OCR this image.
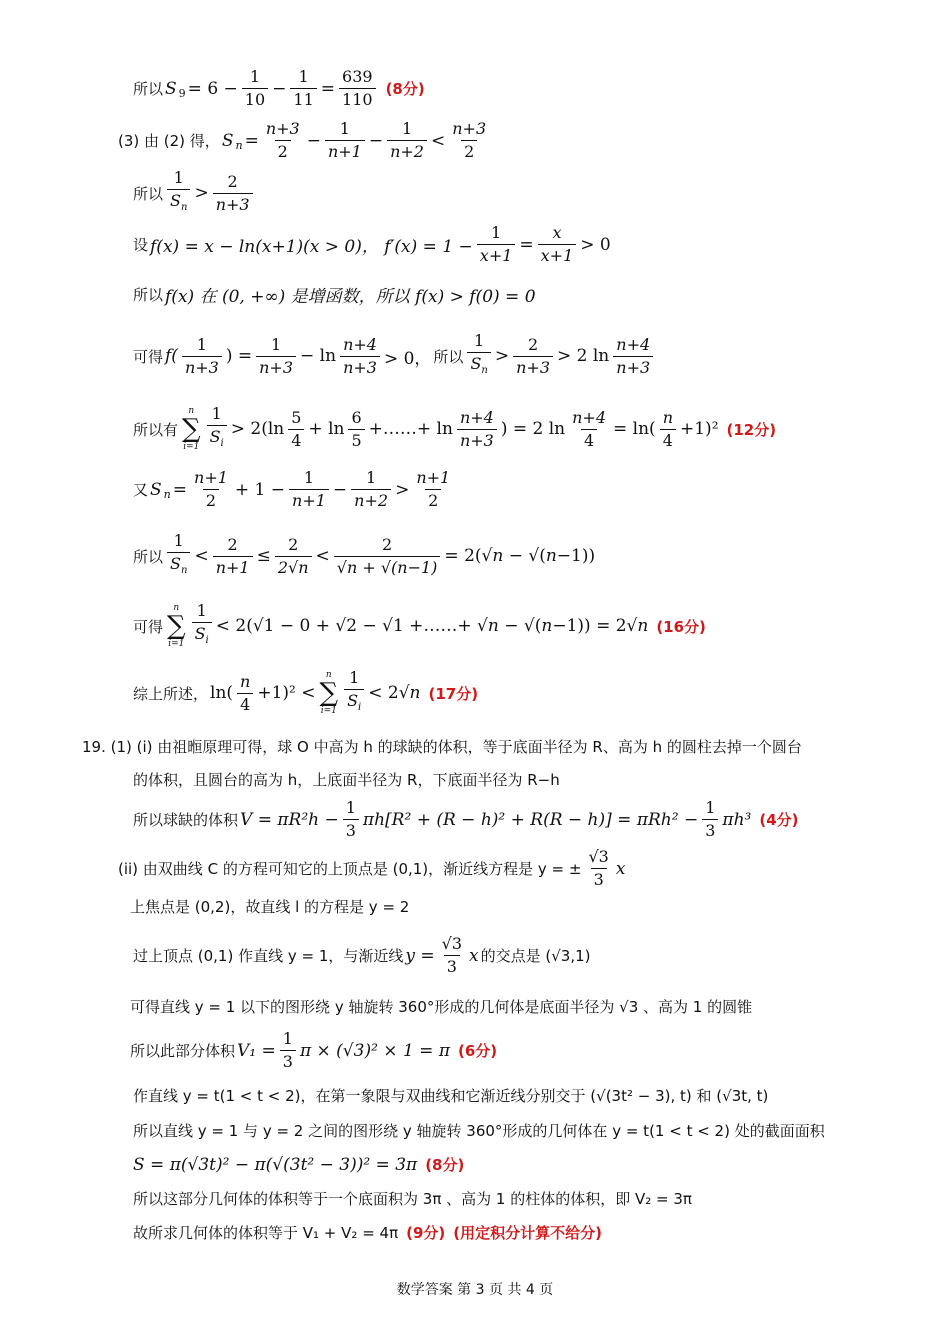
所以 S $9 = 6 - \frac{1}{10} - \frac{1}{11} = \frac{639}{110} (8$分)
(3) 由 (2) 得， S $n = \frac{n+3}{2} - \frac{1}{n+1} - \frac{1}{n+2} < \frac{n+3}{2}$
所以 $\frac{1}{S_n} > \frac{2}{n+3}$
设 f(x) = x − ln(x+1)(x > 0)， $f'(x) = 1 - \frac{1}{x+1} = \frac{x}{x+1} > 0$
所以 f(x) 在 (0, +∞) 是增函数，所以 f(x) > f(0) = 0
可得 $f( \frac{1}{n+3}$ ) = $\frac{1}{n+3} - \ln \frac{n+4}{n+3} > 0$， 所以 $\frac{1}{S_n} > \frac{2}{n+3} > 2$ $\ln \frac{n+4}{n+3}$
所以有
n
∑
$i=1 \frac{1}{S_i} > 2(\ln \frac{5}{4} + \ln \frac{6}{5}$ +……+ $\ln \frac{n+4}{n+3}$ ) = 2 $\ln \frac{n+4}{4} = \ln( \frac{n}{4} +1)^2$ (12分)
又 S $n = \frac{n+1}{2} + 1 - \frac{1}{n+1} - \frac{1}{n+2} > \frac{n+1}{2}$
所以 $\frac{1}{S_n} < \frac{2}{n+1} \le \frac{2}{2√n} < \frac{2}{√n + √(n-1)} = 2(√n - √(n-1))$
可得
n
∑
$i=1 \frac{1}{S_i} < 2(√1 - 0 + √2 - √1$ +……+ √n − √(n−1)) = 2√n (16分)
综上所述， $\ln( \frac{n}{4} +1)^2$ <
n
∑
$i=1 \frac{1}{S_i} < 2√n$ (17分)
19. (1) (i) 由祖暅原理可得，球 O 中高为 h 的球缺的体积，等于底面半径为 R、高为 h 的圆柱去掉一个圆台
的体积，且圆台的高为 h，上底面半径为 R，下底面半径为 R−h
所以球缺的体积 $V = \pi R^2h - \frac{1}{3} \pi h[R^2 + (R - h)^2 + R(R - h)] = \pi Rh^2 - \frac{1}{3} \pi h^3$ (4分)
(ii) 由双曲线 C 的方程可知它的上顶点是 (0,1)，渐近线方程是 y = ± $\frac{√3}{3}$ x
上焦点是 (0,2)，故直线 l 的方程是 y = 2
过上顶点 (0,1) 作直线 y = 1，与渐近线 $y = \frac{√3}{3}$ x 的交点是 (√3,1)
可得直线 y = 1 以下的图形绕 y 轴旋转 360°形成的几何体是底面半径为 √3 、高为 1 的圆锥
所以此部分体积 $V_1 = \frac{1}{3}$ π × (√3)² × 1 = π (6分)
作直线 y = t(1 < t < 2)，在第一象限与双曲线和它渐近线分别交于 (√(3t² − 3), t) 和 (√3t, t)
所以直线 y = 1 与 y = 2 之间的图形绕 y 轴旋转 360°形成的几何体在 y = t(1 < t < 2) 处的截面面积
S = π(√3t)² − π(√(3t² − 3))² = 3π (8分)
所以这部分几何体的体积等于一个底面积为 3π 、高为 1 的柱体的体积，即 V₂ = 3π
故所求几何体的体积等于 V₁ + V₂ = 4π (9分) (用定积分计算不给分)
数学答案 第 3 页 共 4 页
